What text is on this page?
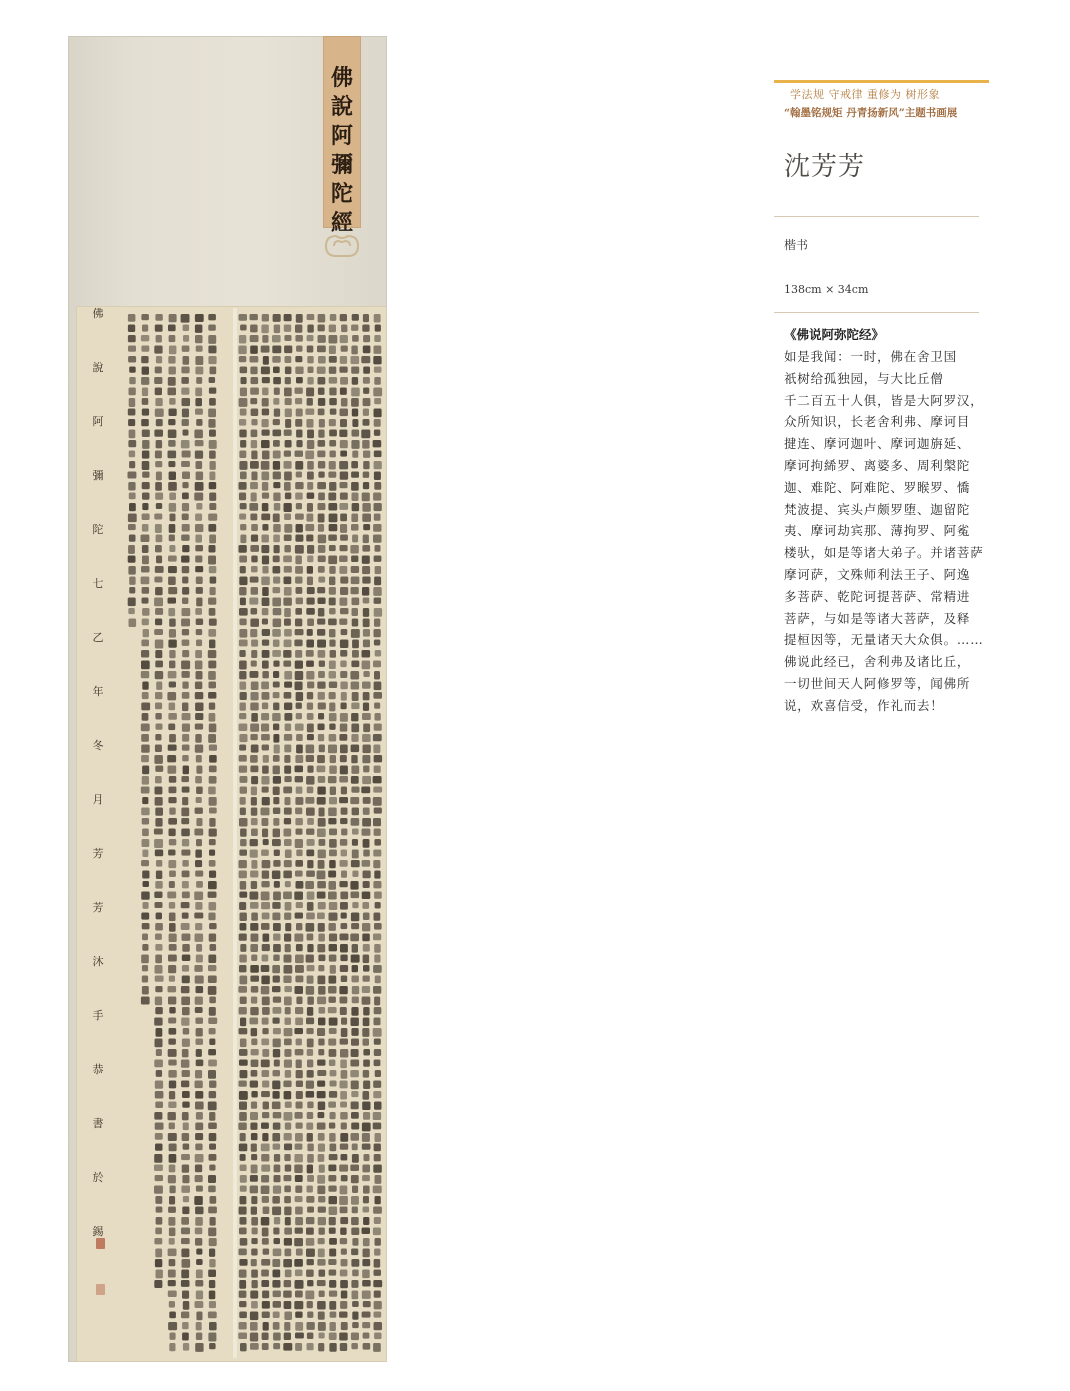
佛
說
阿
彌
陀
經
佛
說
阿
彌
陀
七
乙
年
冬
月
芳
芳
沐
手
恭
書
於
錫
学法规 守戒律 重修为 树形象
“翰墨铭规矩 丹青扬新风”主题书画展
沈芳芳
楷书
138cm × 34cm
《佛说阿弥陀经》
如是我闻：一时，佛在舍卫国
祇树给孤独园，与大比丘僧
千二百五十人俱，皆是大阿罗汉，
众所知识，长老舍利弗、摩诃目
揵连、摩诃迦叶、摩诃迦旃延、
摩诃拘絺罗、离婆多、周利槃陀
迦、难陀、阿难陀、罗睺罗、憍
梵波提、宾头卢颇罗堕、迦留陀
夷、摩诃劫宾那、薄拘罗、阿㝹
楼驮，如是等诸大弟子。并诸菩萨
摩诃萨，文殊师利法王子、阿逸
多菩萨、乾陀诃提菩萨、常精进
菩萨，与如是等诸大菩萨，及释
提桓因等，无量诸天大众俱。……
佛说此经已，舍利弗及诸比丘，
一切世间天人阿修罗等，闻佛所
说，欢喜信受，作礼而去！
